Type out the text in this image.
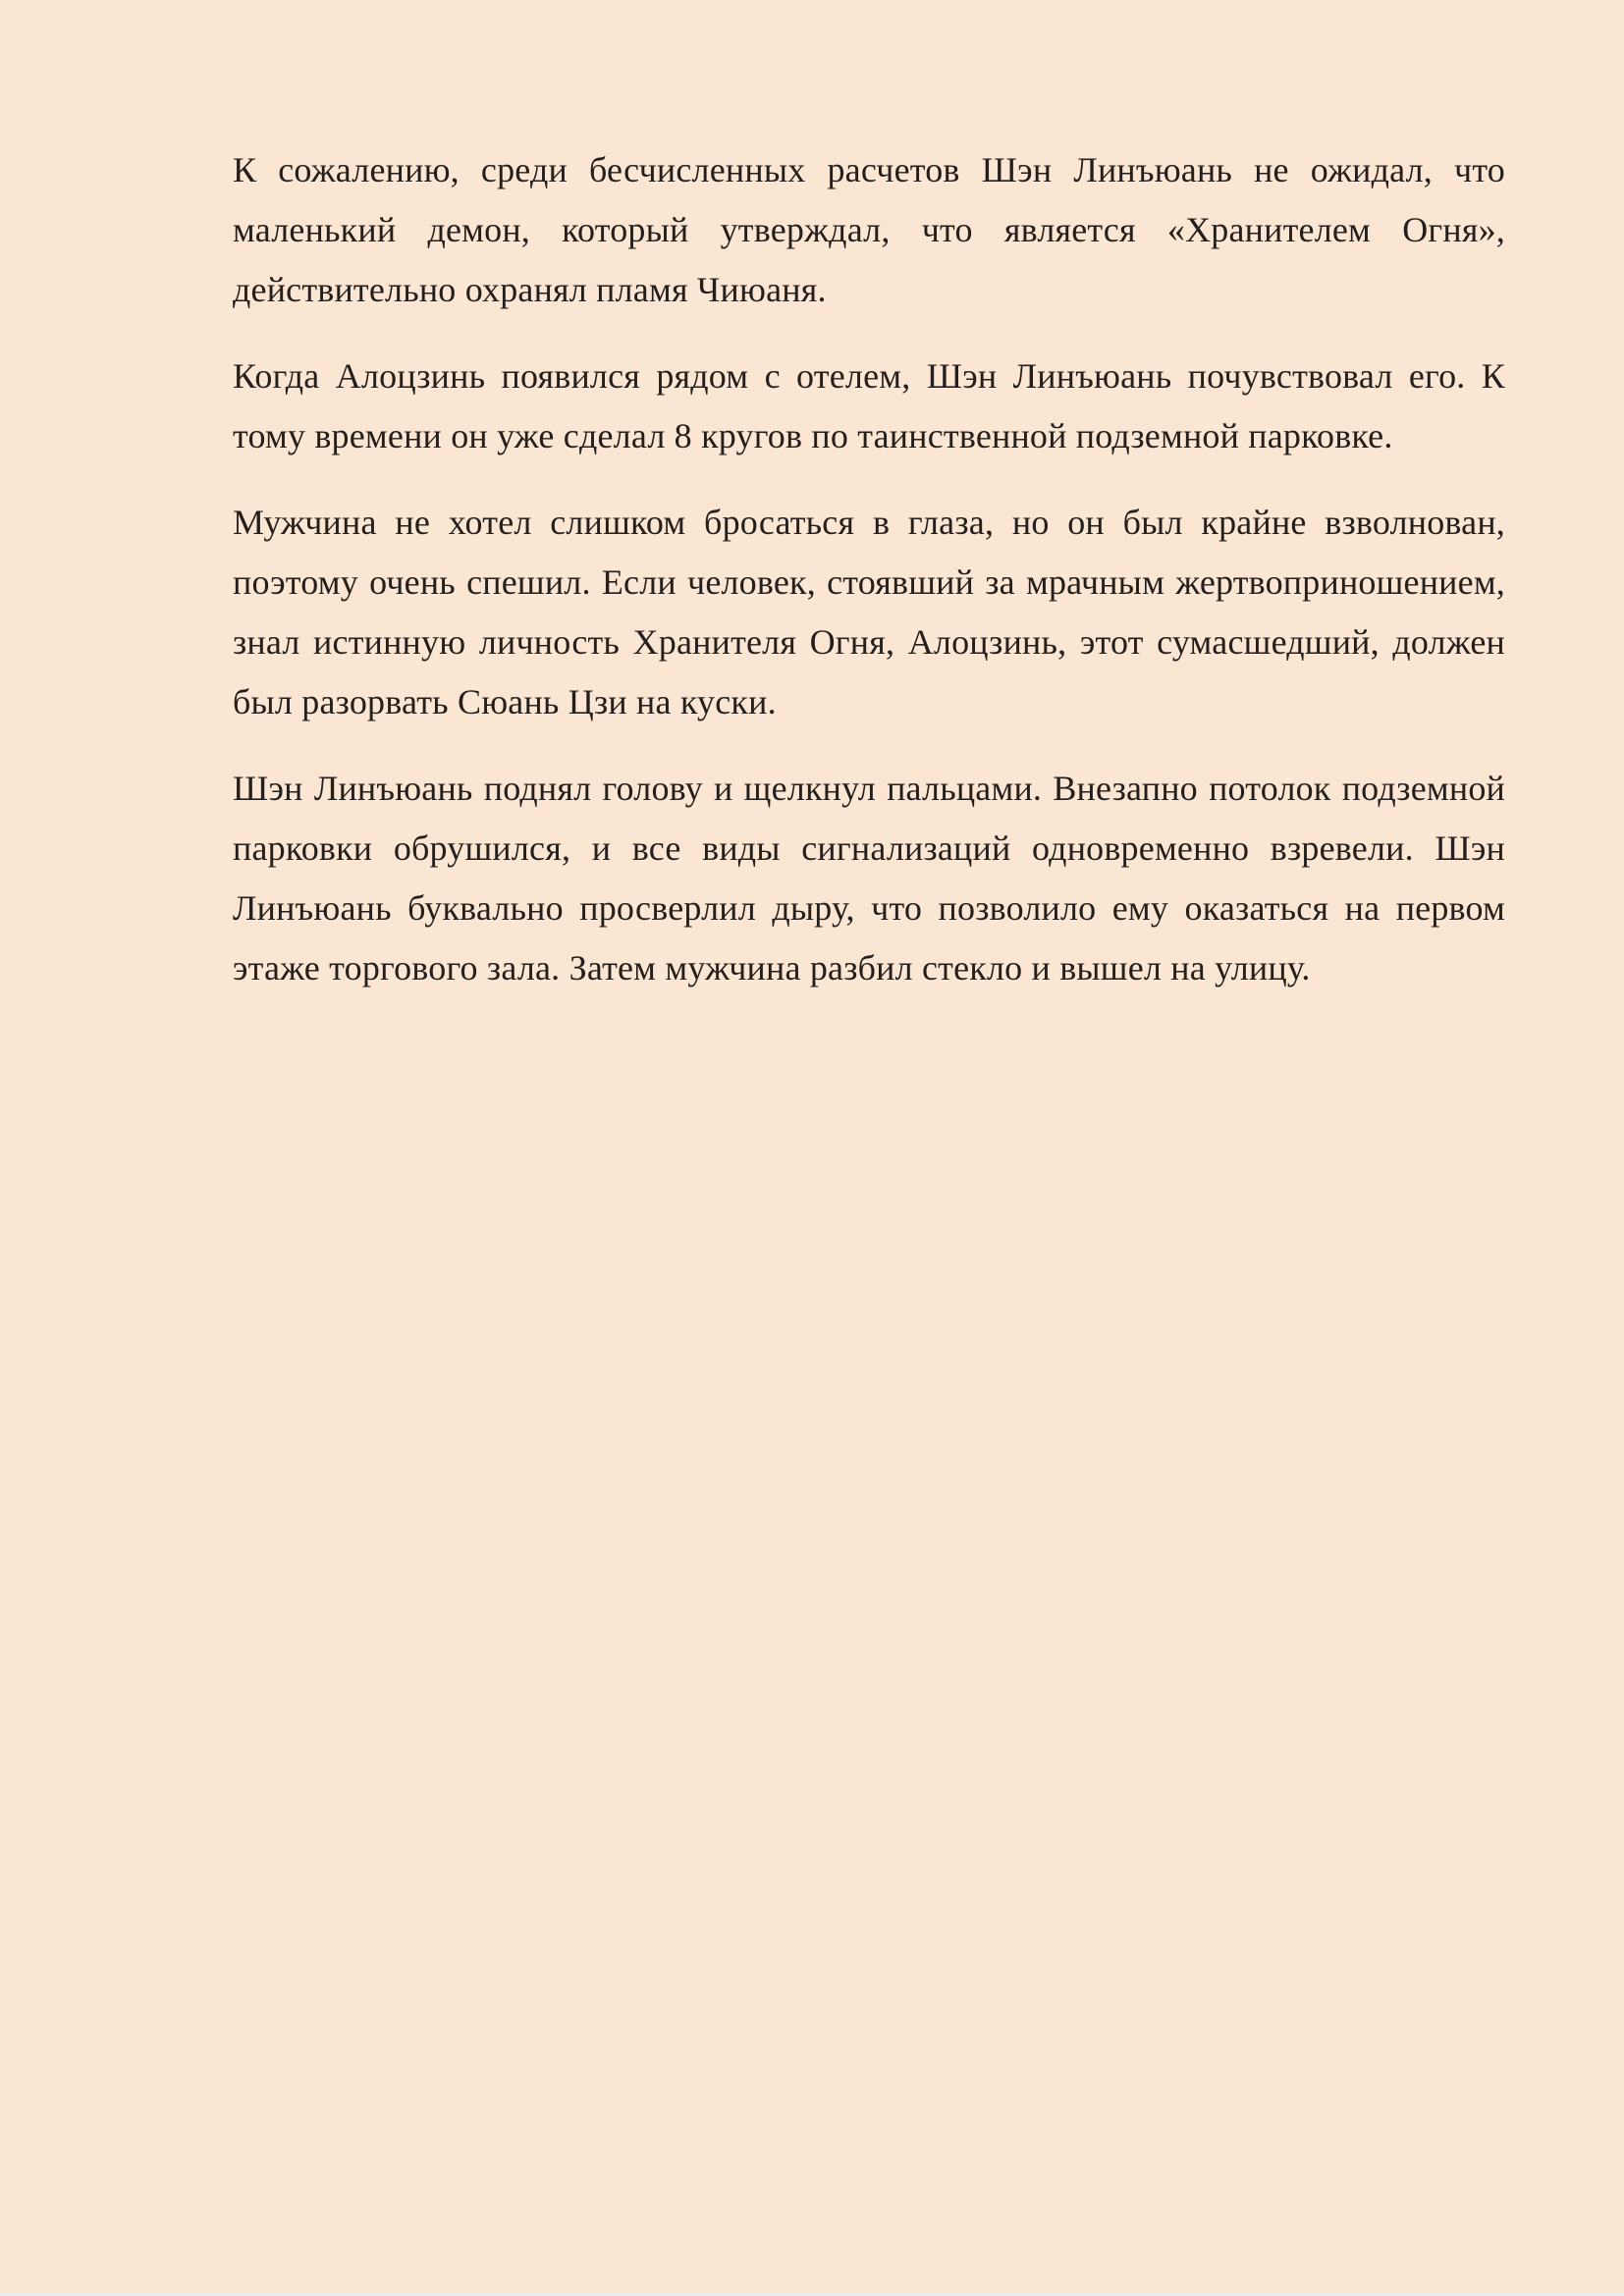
К сожалению, среди бесчисленных расчетов Шэн Линъюань не ожидал, что маленький демон, который утверждал, что является «Хранителем Огня», действительно охранял пламя Чиюаня.

Когда Алоцзинь появился рядом с отелем, Шэн Линъюань почувствовал его. К тому времени он уже сделал 8 кругов по таинственной подземной парковке.

Мужчина не хотел слишком бросаться в глаза, но он был крайне взволнован, поэтому очень спешил. Если человек, стоявший за мрачным жертвоприношением, знал истинную личность Хранителя Огня, Алоцзинь, этот сумасшедший, должен был разорвать Сюань Цзи на куски.

Шэн Линъюань поднял голову и щелкнул пальцами. Внезапно потолок подземной парковки обрушился, и все виды сигнализаций одновременно взревели. Шэн Линъюань буквально просверлил дыру, что позволило ему оказаться на первом этаже торгового зала. Затем мужчина разбил стекло и вышел на улицу.
